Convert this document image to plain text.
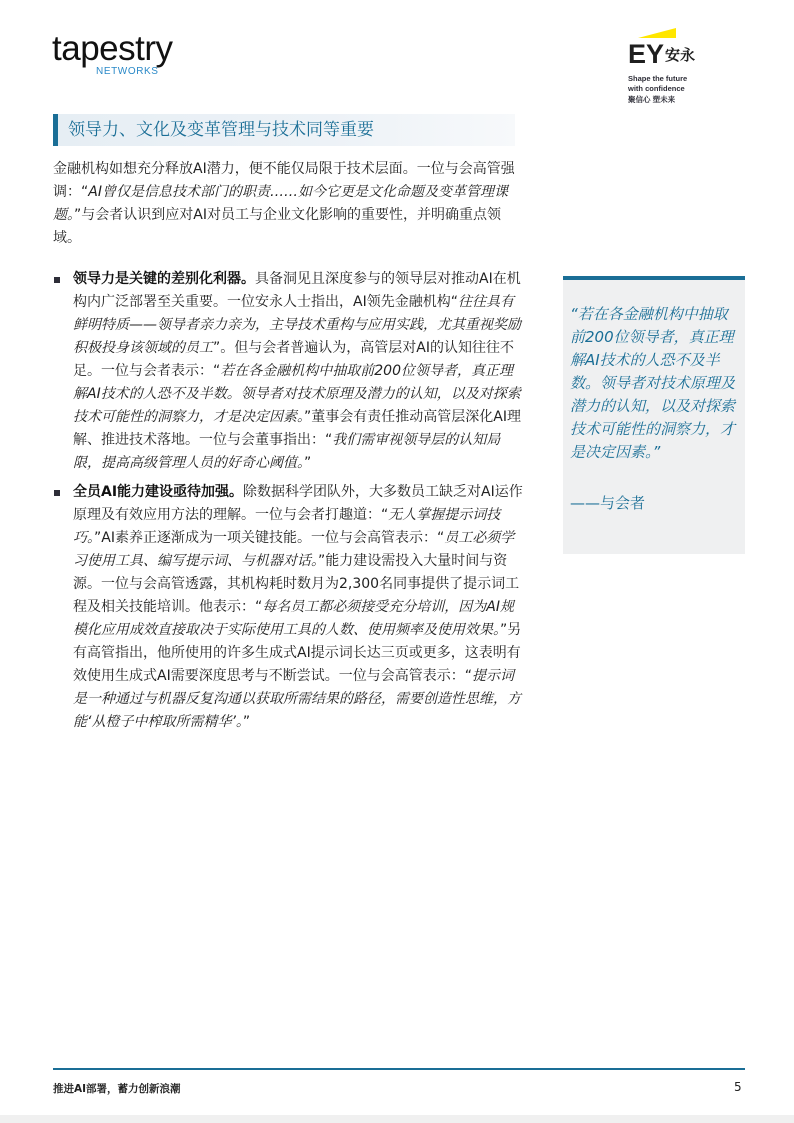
tapestry
NETWORKS
EY安永
Shape the future
with confidence
聚信心 塑未来
领导力、文化及变革管理与技术同等重要

金融机构如想充分释放AI潜力，便不能仅局限于技术层面。一位与会高管强调：“AI曾仅是信息技术部门的职责……如今它更是文化命题及变革管理课题。”与会者认识到应对AI对员工与企业文化影响的重要性，并明确重点领域。

领导力是关键的差别化利器。具备洞见且深度参与的领导层对推动AI在机构内广泛部署至关重要。一位安永人士指出，AI领先金融机构“往往具有鲜明特质——领导者亲力亲为，主导技术重构与应用实践，尤其重视奖励积极投身该领域的员工”。但与会者普遍认为，高管层对AI的认知往往不足。一位与会者表示：“若在各金融机构中抽取前200位领导者，真正理解AI技术的人恐不及半数。领导者对技术原理及潜力的认知，以及对探索技术可能性的洞察力，才是决定因素。”董事会有责任推动高管层深化AI理解、推进技术落地。一位与会董事指出：“我们需审视领导层的认知局限，提高高级管理人员的好奇心阈值。”
全员AI能力建设亟待加强。除数据科学团队外，大多数员工缺乏对AI运作原理及有效应用方法的理解。一位与会者打趣道：“无人掌握提示词技巧。”AI素养正逐渐成为一项关键技能。一位与会高管表示：“员工必须学习使用工具、编写提示词、与机器对话。”能力建设需投入大量时间与资源。一位与会高管透露，其机构耗时数月为2,300名同事提供了提示词工程及相关技能培训。他表示：“每名员工都必须接受充分培训，因为AI规模化应用成效直接取决于实际使用工具的人数、使用频率及使用效果。”另有高管指出，他所使用的许多生成式AI提示词长达三页或更多，这表明有效使用生成式AI需要深度思考与不断尝试。一位与会高管表示：“提示词是一种通过与机器反复沟通以获取所需结果的路径，需要创造性思维，方能‘从橙子中榨取所需精华’。”

“若在各金融机构中抽取前200位领导者，真正理解AI技术的人恐不及半数。领导者对技术原理及潜力的认知，以及对探索技术可能性的洞察力，才是决定因素。”

——与会者
推进AI部署，蓄力创新浪潮	5
